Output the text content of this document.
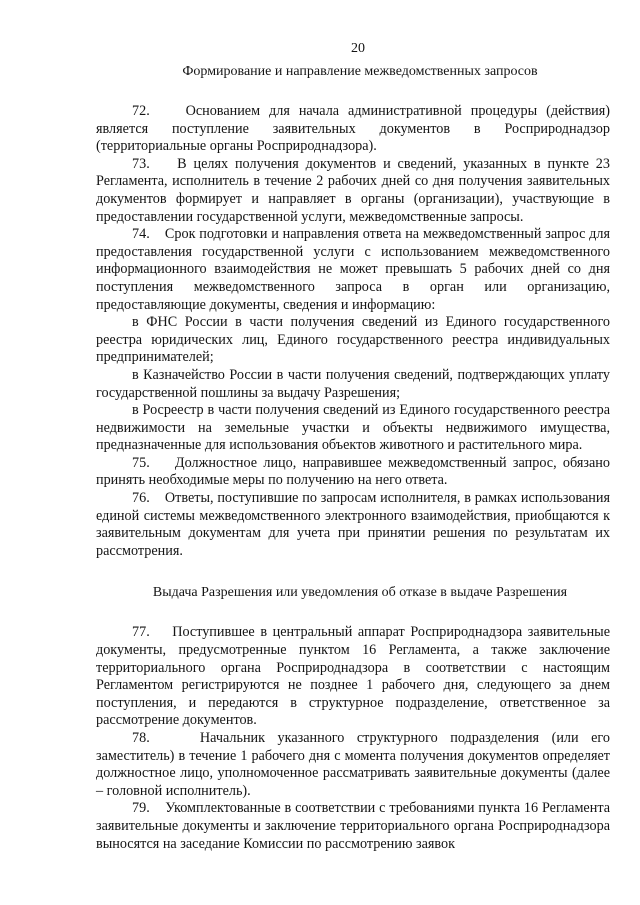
20

Формирование и направление межведомственных запросов

72.    Основанием для начала административной процедуры (действия) является поступление заявительных документов в Росприроднадзор (территориальные органы Росприроднадзора).

73.    В целях получения документов и сведений, указанных в пункте 23 Регламента, исполнитель в течение 2 рабочих дней со дня получения заявительных документов формирует и направляет в органы (организации), участвующие в предоставлении государственной услуги, межведомственные запросы.

74.    Срок подготовки и направления ответа на межведомственный запрос для предоставления государственной услуги с использованием межведомственного информационного взаимодействия не может превышать 5 рабочих дней со дня поступления межведомственного запроса в орган или организацию, предоставляющие документы, сведения и информацию:

в ФНС России в части получения сведений из Единого государственного реестра юридических лиц, Единого государственного реестра индивидуальных предпринимателей;

в Казначейство России в части получения сведений, подтверждающих уплату государственной пошлины за выдачу Разрешения;

в Росреестр в части получения сведений из Единого государственного реестра недвижимости на земельные участки и объекты недвижимого имущества, предназначенные для использования объектов животного и растительного мира.

75.    Должностное лицо, направившее межведомственный запрос, обязано принять необходимые меры по получению на него ответа.

76.    Ответы, поступившие по запросам исполнителя, в рамках использования единой системы межведомственного электронного взаимодействия, приобщаются к заявительным документам для учета при принятии решения по результатам их рассмотрения.

Выдача Разрешения или уведомления об отказе в выдаче Разрешения

77.    Поступившее в центральный аппарат Росприроднадзора заявительные документы, предусмотренные пунктом 16 Регламента, а также заключение территориального органа Росприроднадзора в соответствии с настоящим Регламентом регистрируются не позднее 1 рабочего дня, следующего за днем поступления, и передаются в структурное подразделение, ответственное за рассмотрение документов.

78.    Начальник указанного структурного подразделения (или его заместитель) в течение 1 рабочего дня с момента получения документов определяет должностное лицо, уполномоченное рассматривать заявительные документы (далее – головной исполнитель).

79.    Укомплектованные в соответствии с требованиями пункта 16 Регламента заявительные документы и заключение территориального органа Росприроднадзора выносятся на заседание Комиссии по рассмотрению заявок
